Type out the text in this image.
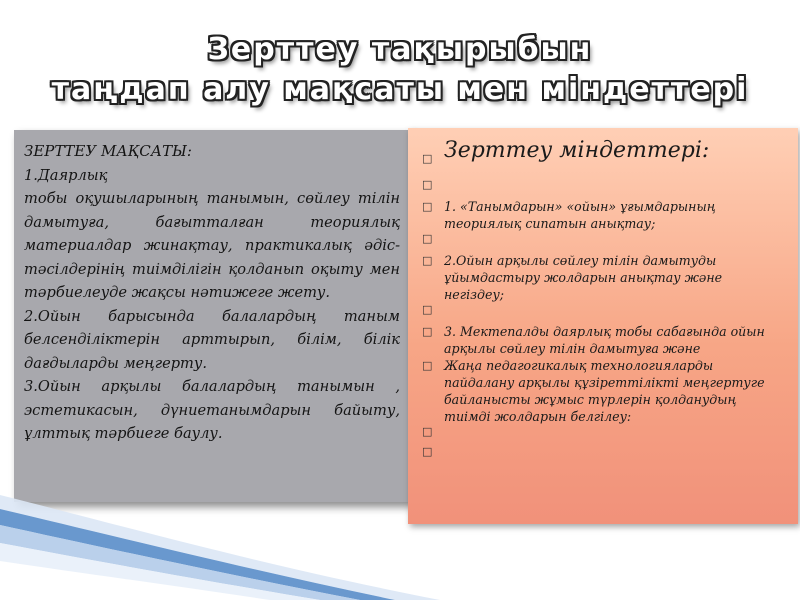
Зерттеу тақырыбын
таңдап алу мақсаты мен міндеттері
ЗЕРТТЕУ МАҚСАТЫ:
1.Даярлық
тобы оқушыларының танымын, сөйлеу тілін дамытуға, бағытталған теориялық материалдар жинақтау, практикалық әдіс- тәсілдерінің тиімділігін қолданып оқыту мен тәрбиелеуде жақсы нәтижеге жету.
2.Ойын барысында балалардың таным белсенділіктерін арттырып, білім, білік дағдыларды меңгерту.
3.Ойын арқылы балалардың танымын , эстетикасын, дүниетанымдарын байыту, ұлттық тәрбиеге баулу.
□ Зерттеу міндеттері:
□
□ 1. «Танымдарын» «ойын» ұғымдарының теориялық сипатын анықтау;
□
□ 2.Ойын арқылы сөйлеу тілін дамытуды ұйымдастыру жолдарын анықтау және негіздеу;
□
□ 3. Мектепалды даярлық тобы сабағында ойын арқылы сөйлеу тілін дамытуға және
□ Жаңа педагогикалық технологияларды пайдалану арқылы құзіреттілікті меңгертуге байланысты жұмыс түрлерін қолданудың тиімді жолдарын белгілеу:
□
□
